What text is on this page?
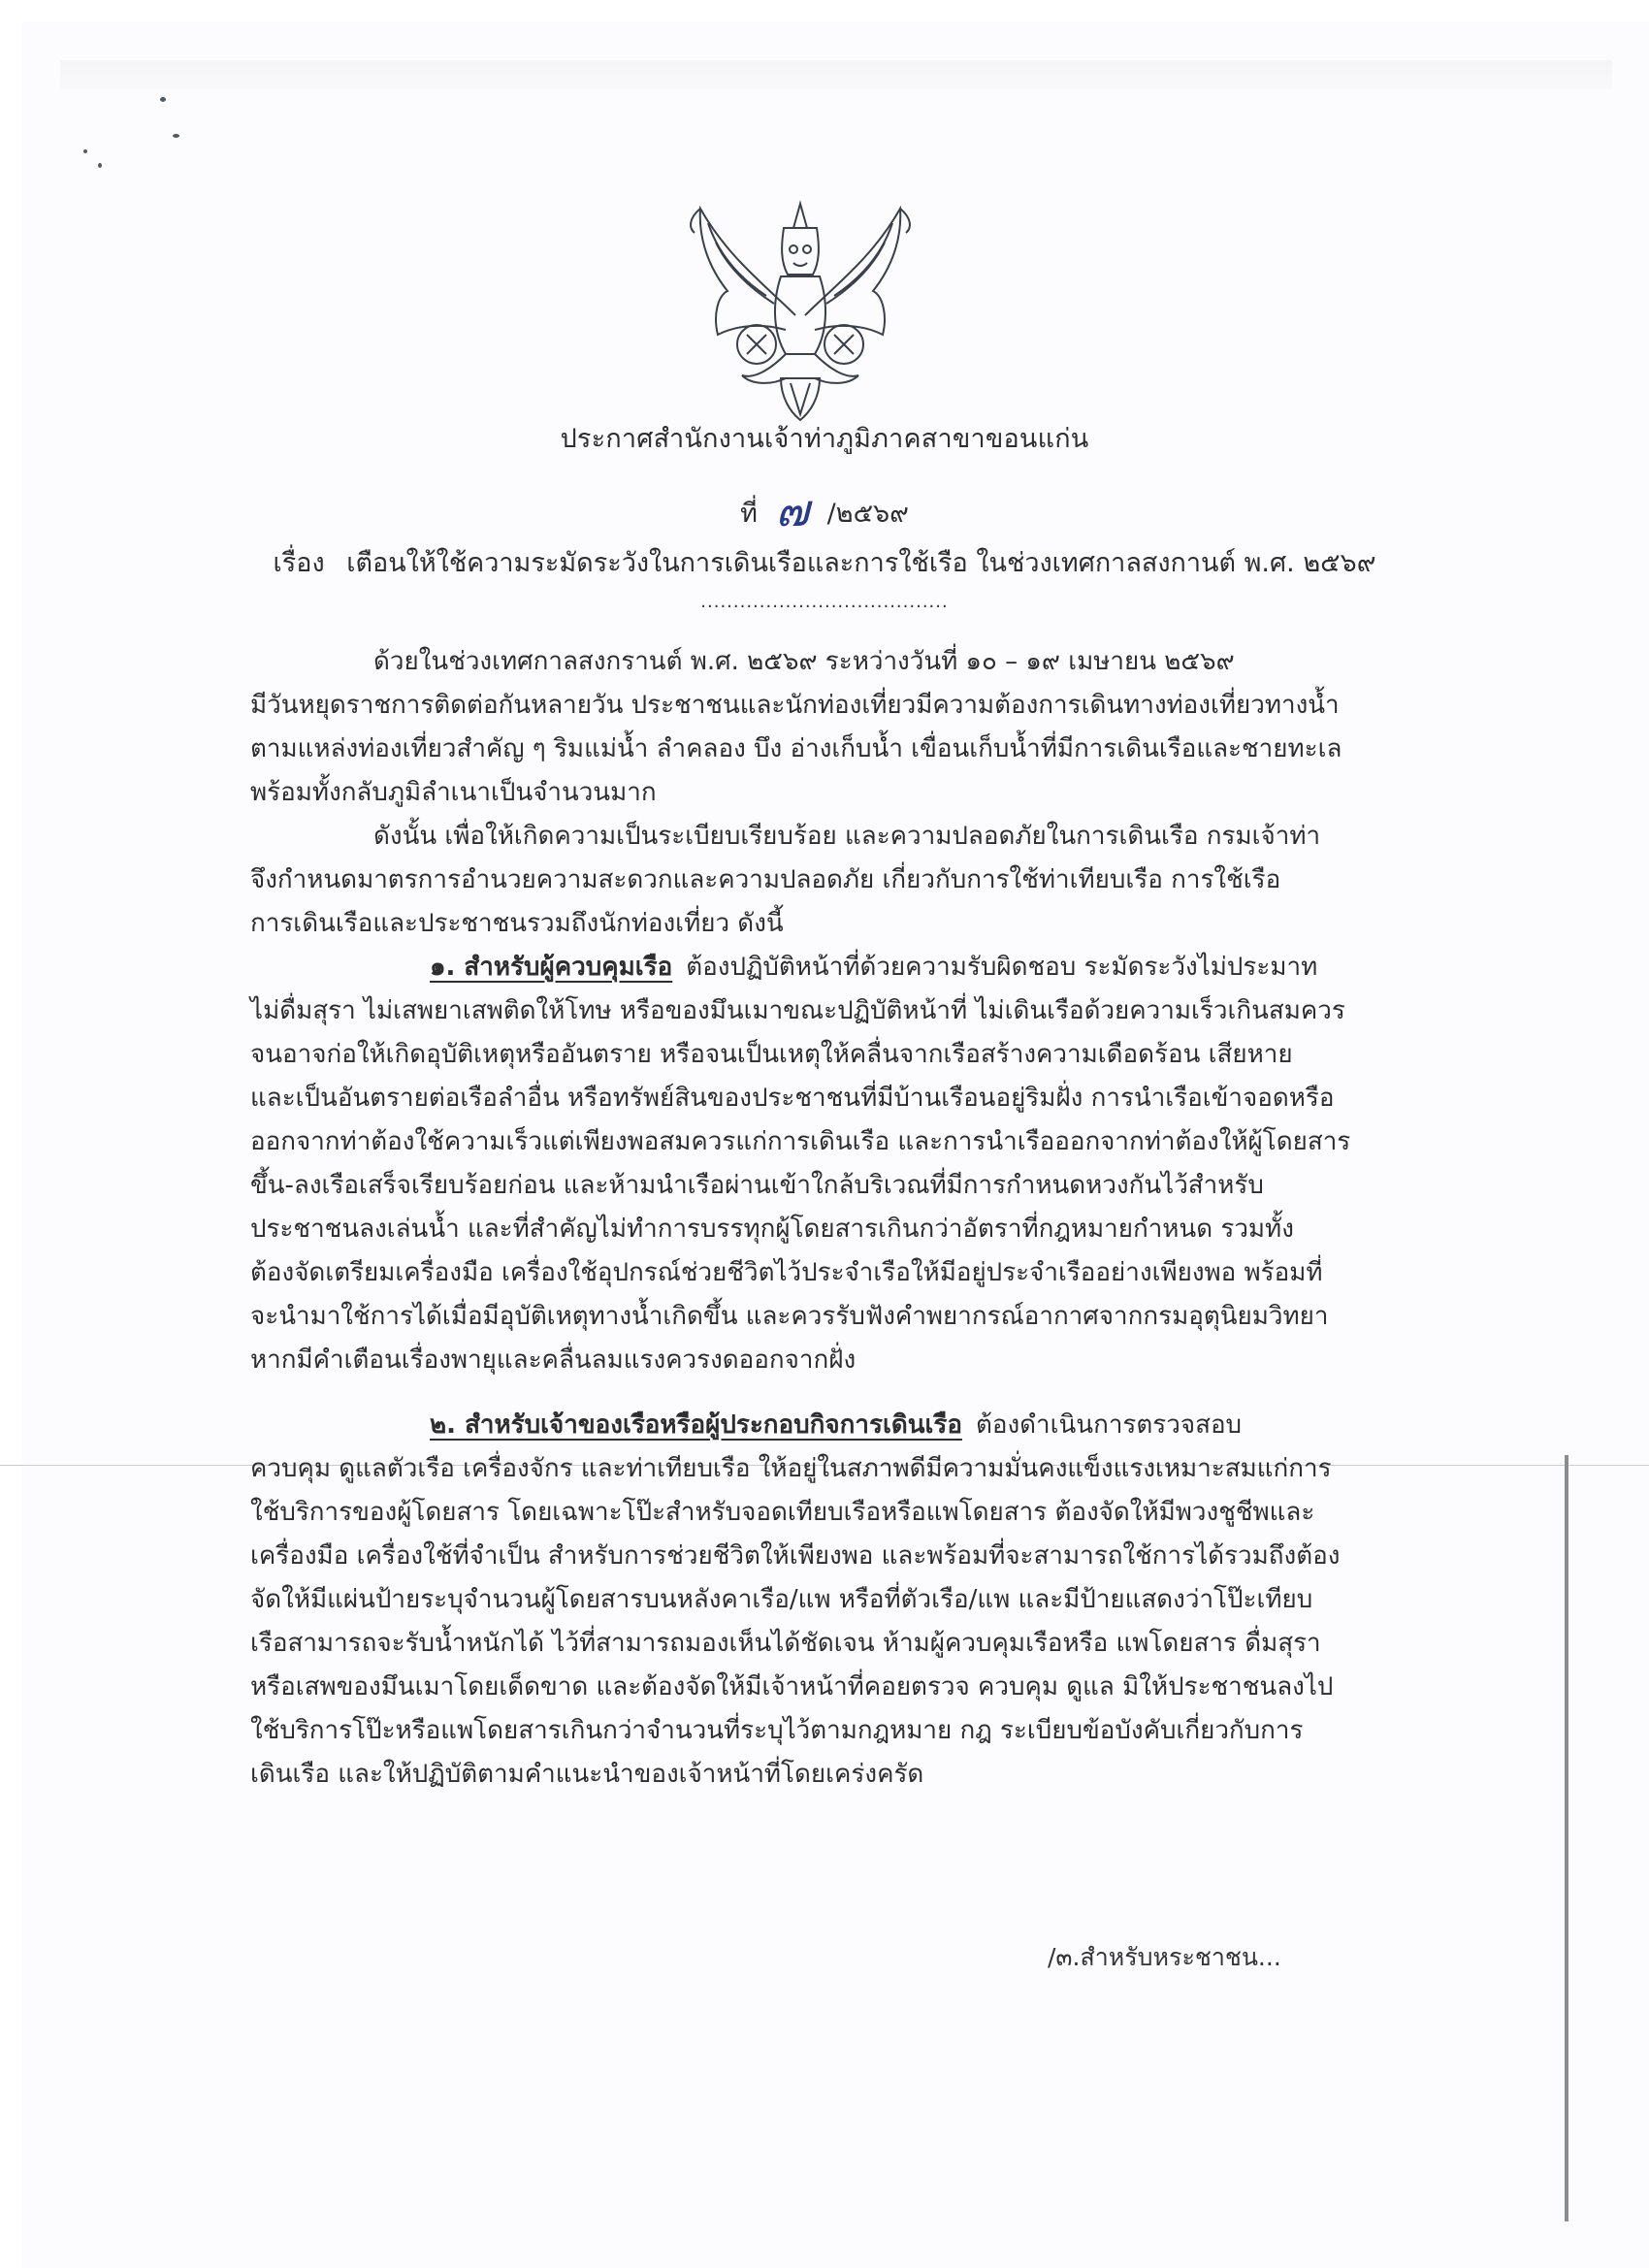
ประกาศสำนักงานเจ้าท่าภูมิภาคสาขาขอนแก่น
ที่ ๗ /๒๕๖๙
เรื่อง เตือนให้ใช้ความระมัดระวังในการเดินเรือและการใช้เรือ ในช่วงเทศกาลสงกานต์ พ.ศ. ๒๕๖๙
......................................

ด้วยในช่วงเทศกาลสงกรานต์ พ.ศ. ๒๕๖๙ ระหว่างวันที่ ๑๐ – ๑๙ เมษายน ๒๕๖๙
มีวันหยุดราชการติดต่อกันหลายวัน ประชาชนและนักท่องเที่ยวมีความต้องการเดินทางท่องเที่ยวทางน้ำ
ตามแหล่งท่องเที่ยวสำคัญ ๆ ริมแม่น้ำ ลำคลอง บึง อ่างเก็บน้ำ เขื่อนเก็บน้ำที่มีการเดินเรือและชายทะเล
พร้อมทั้งกลับภูมิลำเนาเป็นจำนวนมาก

ดังนั้น เพื่อให้เกิดความเป็นระเบียบเรียบร้อย และความปลอดภัยในการเดินเรือ กรมเจ้าท่า
จึงกำหนดมาตรการอำนวยความสะดวกและความปลอดภัย เกี่ยวกับการใช้ท่าเทียบเรือ การใช้เรือ
การเดินเรือและประชาชนรวมถึงนักท่องเที่ยว ดังนี้

๑. สำหรับผู้ควบคุมเรือ ต้องปฏิบัติหน้าที่ด้วยความรับผิดชอบ ระมัดระวังไม่ประมาท
ไม่ดื่มสุรา ไม่เสพยาเสพติดให้โทษ หรือของมึนเมาขณะปฏิบัติหน้าที่ ไม่เดินเรือด้วยความเร็วเกินสมควร
จนอาจก่อให้เกิดอุบัติเหตุหรืออันตราย หรือจนเป็นเหตุให้คลื่นจากเรือสร้างความเดือดร้อน เสียหาย
และเป็นอันตรายต่อเรือลำอื่น หรือทรัพย์สินของประชาชนที่มีบ้านเรือนอยู่ริมฝั่ง การนำเรือเข้าจอดหรือ
ออกจากท่าต้องใช้ความเร็วแต่เพียงพอสมควรแก่การเดินเรือ และการนำเรือออกจากท่าต้องให้ผู้โดยสาร
ขึ้น-ลงเรือเสร็จเรียบร้อยก่อน และห้ามนำเรือผ่านเข้าใกล้บริเวณที่มีการกำหนดหวงกันไว้สำหรับ
ประชาชนลงเล่นน้ำ และที่สำคัญไม่ทำการบรรทุกผู้โดยสารเกินกว่าอัตราที่กฎหมายกำหนด รวมทั้ง
ต้องจัดเตรียมเครื่องมือ เครื่องใช้อุปกรณ์ช่วยชีวิตไว้ประจำเรือให้มีอยู่ประจำเรืออย่างเพียงพอ พร้อมที่
จะนำมาใช้การได้เมื่อมีอุบัติเหตุทางน้ำเกิดขึ้น และควรรับฟังคำพยากรณ์อากาศจากกรมอุตุนิยมวิทยา
หากมีคำเตือนเรื่องพายุและคลื่นลมแรงควรงดออกจากฝั่ง

๒. สำหรับเจ้าของเรือหรือผู้ประกอบกิจการเดินเรือ ต้องดำเนินการตรวจสอบ
ควบคุม ดูแลตัวเรือ เครื่องจักร และท่าเทียบเรือ ให้อยู่ในสภาพดีมีความมั่นคงแข็งแรงเหมาะสมแก่การ
ใช้บริการของผู้โดยสาร โดยเฉพาะโป๊ะสำหรับจอดเทียบเรือหรือแพโดยสาร ต้องจัดให้มีพวงชูชีพและ
เครื่องมือ เครื่องใช้ที่จำเป็น สำหรับการช่วยชีวิตให้เพียงพอ และพร้อมที่จะสามารถใช้การได้รวมถึงต้อง
จัดให้มีแผ่นป้ายระบุจำนวนผู้โดยสารบนหลังคาเรือ/แพ หรือที่ตัวเรือ/แพ และมีป้ายแสดงว่าโป๊ะเทียบ
เรือสามารถจะรับน้ำหนักได้ ไว้ที่สามารถมองเห็นได้ชัดเจน ห้ามผู้ควบคุมเรือหรือ แพโดยสาร ดื่มสุรา
หรือเสพของมึนเมาโดยเด็ดขาด และต้องจัดให้มีเจ้าหน้าที่คอยตรวจ ควบคุม ดูแล มิให้ประชาชนลงไป
ใช้บริการโป๊ะหรือแพโดยสารเกินกว่าจำนวนที่ระบุไว้ตามกฎหมาย กฎ ระเบียบข้อบังคับเกี่ยวกับการ
เดินเรือ และให้ปฏิบัติตามคำแนะนำของเจ้าหน้าที่โดยเคร่งครัด

/๓.สำหรับหระชาชน...
